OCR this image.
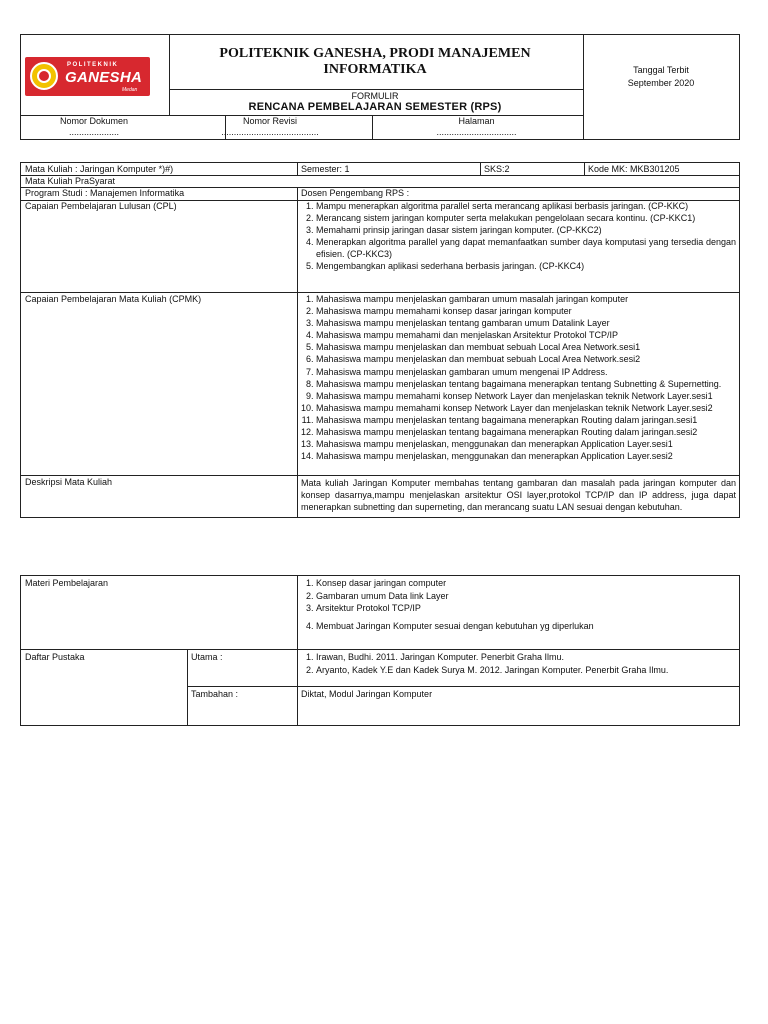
POLITEKNIK
GANESHA
Medan
POLITEKNIK GANESHA, PRODI MANAJEMEN INFORMATIKA
FORMULIR
RENCANA PEMBELAJARAN SEMESTER (RPS)
Tanggal Terbit
September 2020
Nomor Dokumen
....................
Nomor Revisi
.......................................
Halaman
................................
Mata Kuliah : Jaringan Komputer *)#)	Semester: 1	SKS:2	Kode MK: MKB301205
Mata Kuliah PraSyarat
Program Studi : Manajemen Informatika	Dosen Pengembang RPS :
Capaian Pembelajaran Lulusan (CPL)	1. Mampu menerapkan algoritma parallel serta merancang aplikasi berbasis jaringan. (CP-KKC)
2. Merancang sistem jaringan komputer serta melakukan pengelolaan secara kontinu. (CP-KKC1)
3. Memahami prinsip jaringan dasar sistem jaringan komputer. (CP-KKC2)
4. Menerapkan algoritma parallel yang dapat memanfaatkan sumber daya komputasi yang tersedia dengan efisien. (CP-KKC3)
5. Mengembangkan aplikasi sederhana berbasis jaringan. (CP-KKC4)
Capaian Pembelajaran Mata Kuliah (CPMK)	1. Mahasiswa mampu menjelaskan gambaran umum masalah jaringan komputer
2. Mahasiswa mampu memahami konsep dasar jaringan komputer
3. Mahasiswa mampu menjelaskan tentang gambaran umum Datalink Layer
4. Mahasiswa mampu memahami dan menjelaskan Arsitektur Protokol TCP/IP
5. Mahasiswa mampu menjelaskan dan membuat sebuah Local Area Network.sesi1
6. Mahasiswa mampu menjelaskan dan membuat sebuah Local Area Network.sesi2
7. Mahasiswa mampu menjelaskan gambaran umum mengenai IP Address.
8. Mahasiswa mampu menjelaskan tentang bagaimana menerapkan tentang Subnetting & Supernetting.
9. Mahasiswa mampu memahami konsep Network Layer dan menjelaskan teknik Network Layer.sesi1
10. Mahasiswa mampu memahami konsep Network Layer dan menjelaskan teknik Network Layer.sesi2
11. Mahasiswa mampu menjelaskan tentang bagaimana menerapkan Routing dalam jaringan.sesi1
12. Mahasiswa mampu menjelaskan tentang bagaimana menerapkan Routing dalam jaringan.sesi2
13. Mahasiswa mampu menjelaskan, menggunakan dan menerapkan Application Layer.sesi1
14. Mahasiswa mampu menjelaskan, menggunakan dan menerapkan Application Layer.sesi2
Deskripsi Mata Kuliah	Mata kuliah Jaringan Komputer membahas tentang gambaran dan masalah pada jaringan komputer dan konsep dasarnya,mampu menjelaskan arsitektur OSI layer,protokol TCP/IP dan IP address, juga dapat menerapkan subnetting dan superneting, dan merancang suatu LAN sesuai dengan kebutuhan.
Materi Pembelajaran	1. Konsep dasar jaringan computer
2. Gambaran umum Data link Layer
3. Arsitektur Protokol TCP/IP
4. Membuat Jaringan Komputer sesuai dengan kebutuhan yg diperlukan
Daftar Pustaka	Utama :	1. Irawan, Budhi. 2011. Jaringan Komputer. Penerbit Graha Ilmu.
2. Aryanto, Kadek Y.E dan Kadek Surya M. 2012. Jaringan Komputer. Penerbit Graha Ilmu.
Tambahan :	Diktat, Modul Jaringan Komputer
